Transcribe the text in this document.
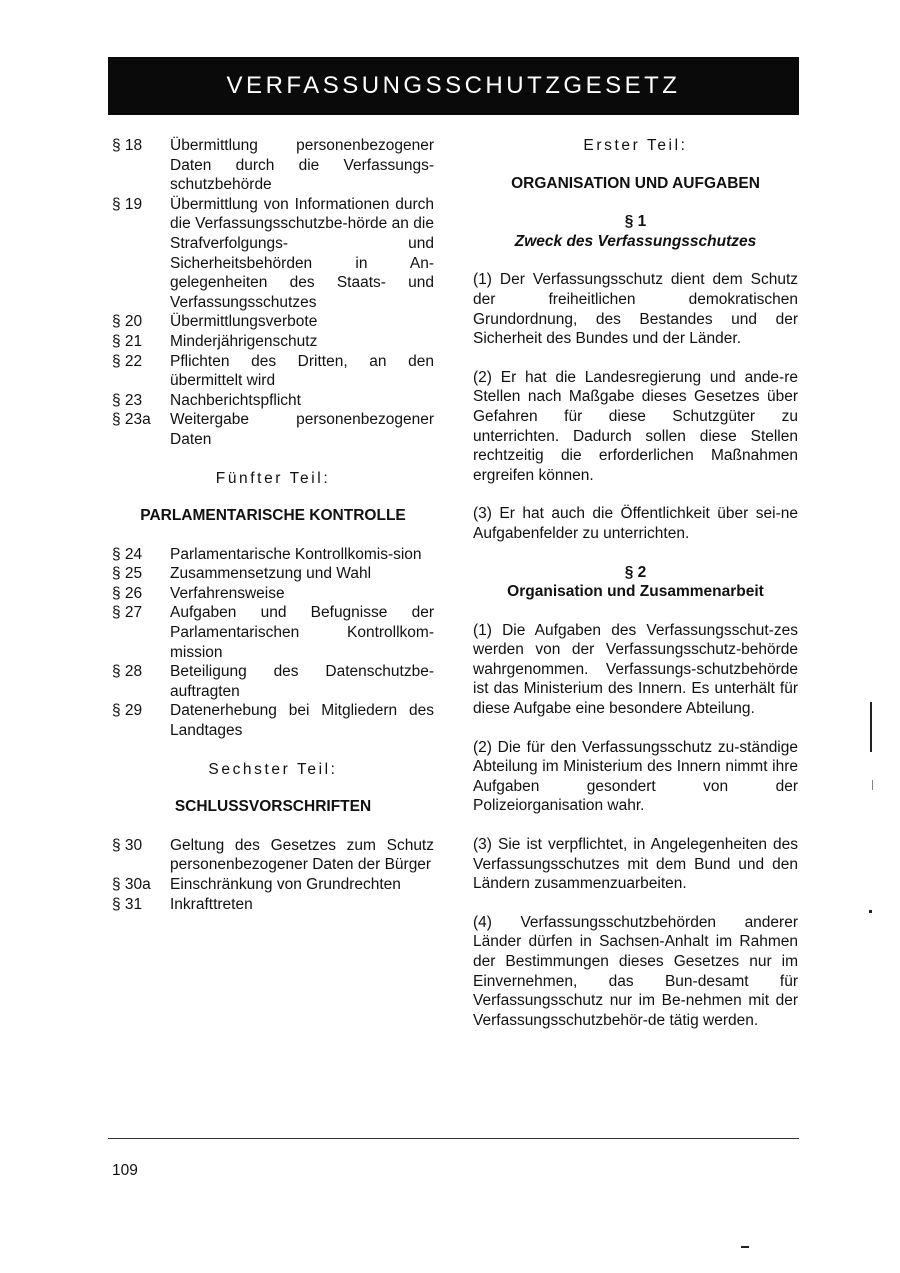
VERFASSUNGSSCHUTZGESETZ
§ 18	Übermittlung personenbezogener Daten durch die Verfassungs-schutzbehörde
§ 19	Übermittlung von Informationen durch die Verfassungsschutzbe-hörde an die Strafverfolgungs- und Sicherheitsbehörden in An-gelegenheiten des Staats- und Verfassungsschutzes
§ 20	Übermittlungsverbote
§ 21	Minderjährigenschutz
§ 22	Pflichten des Dritten, an den übermittelt wird
§ 23	Nachberichtspflicht
§ 23a	Weitergabe personenbezogener Daten
Fünfter Teil:
PARLAMENTARISCHE KONTROLLE
§ 24	Parlamentarische Kontrollkomis-sion
§ 25	Zusammensetzung und Wahl
§ 26	Verfahrensweise
§ 27	Aufgaben und Befugnisse der Parlamentarischen Kontrollkom-mission
§ 28	Beteiligung des Datenschutzbe-auftragten
§ 29	Datenerhebung bei Mitgliedern des Landtages
Sechster Teil:
SCHLUSSVORSCHRIFTEN
§ 30	Geltung des Gesetzes zum Schutz personenbezogener Daten der Bürger
§ 30a	Einschränkung von Grundrechten
§ 31	Inkrafttreten
Erster Teil:
ORGANISATION UND AUFGABEN
§ 1
Zweck des Verfassungsschutzes

(1) Der Verfassungsschutz dient dem Schutz der freiheitlichen demokratischen Grundordnung, des Bestandes und der Sicherheit des Bundes und der Länder.

(2) Er hat die Landesregierung und ande-re Stellen nach Maßgabe dieses Gesetzes über Gefahren für diese Schutzgüter zu unterrichten. Dadurch sollen diese Stellen rechtzeitig die erforderlichen Maßnahmen ergreifen können.

(3) Er hat auch die Öffentlichkeit über sei-ne Aufgabenfelder zu unterrichten.

§ 2
Organisation und Zusammenarbeit

(1) Die Aufgaben des Verfassungsschut-zes werden von der Verfassungsschutz-behörde wahrgenommen. Verfassungs-schutzbehörde ist das Ministerium des Innern. Es unterhält für diese Aufgabe eine besondere Abteilung.

(2) Die für den Verfassungsschutz zu-ständige Abteilung im Ministerium des Innern nimmt ihre Aufgaben gesondert von der Polizeiorganisation wahr.

(3) Sie ist verpflichtet, in Angelegenheiten des Verfassungsschutzes mit dem Bund und den Ländern zusammenzuarbeiten.

(4) Verfassungsschutzbehörden anderer Länder dürfen in Sachsen-Anhalt im Rahmen der Bestimmungen dieses Gesetzes nur im Einvernehmen, das Bun-desamt für Verfassungsschutz nur im Be-nehmen mit der Verfassungsschutzbehör-de tätig werden.

109
